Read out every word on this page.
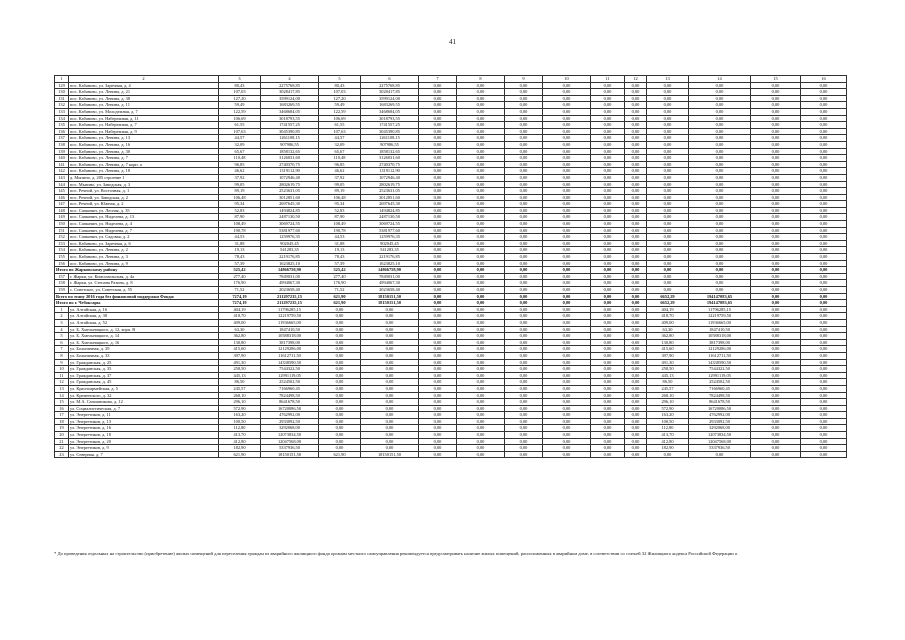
41
1	2	3	4	5	6	7	8	9	10	11	12	13	14	15	16
129	пос. Кабаново, ул. Заречная, д. 4	80,43	2275768,85	80,43	2275768,85	0,00	0,00	0,00	0,00	0,00	0,00	0,00	0,00	0,00	0,00
130	пос. Кабаново, ул. Ленина, д. 21	107,03	3028417,85	107,03	3028417,85	0,00	0,00	0,00	0,00	0,00	0,00	0,00	0,00	0,00	0,00
131	пос. Кабаново, ул. Ленина, д. 38	127,20	3599124,00	127,20	3599124,00	0,00	0,00	0,00	0,00	0,00	0,00	0,00	0,00	0,00	0,00
132	пос. Кабаново, ул. Ленина, д. 11	59,49	1683269,55	59,49	1683269,55	0,00	0,00	0,00	0,00	0,00	0,00	0,00	0,00	0,00	0,00
133	пос. Кабаново, ул. Молодежная, д. 7	122,59	3468684,05	122,59	3468684,05	0,00	0,00	0,00	0,00	0,00	0,00	0,00	0,00	0,00	0,00
134	пос. Кабаново, ул. Набережная, д. 11	106,69	3018793,55	106,69	3018793,55	0,00	0,00	0,00	0,00	0,00	0,00	0,00	0,00	0,00	0,00
135	пос. Кабаново, ул. Набережная, д. 7	61,55	1741557,25	61,55	1741557,25	0,00	0,00	0,00	0,00	0,00	0,00	0,00	0,00	0,00	0,00
136	пос. Кабаново, ул. Набережная, д. 9	107,63	3045390,85	107,63	3045390,85	0,00	0,00	0,00	0,00	0,00	0,00	0,00	0,00	0,00	0,00
137	пос. Кабаново, ул. Ленина, д. 13	44,57	1261108,15	44,57	1261108,15	0,00	0,00	0,00	0,00	0,00	0,00	0,00	0,00	0,00	0,00
138	пос. Кабаново, ул. Ленина, д. 16	32,09	907986,55	32,09	907986,55	0,00	0,00	0,00	0,00	0,00	0,00	0,00	0,00	0,00	0,00
139	пос. Кабаново, ул. Ленина, д. 30	65,67	1858132,65	65,67	1858132,65	0,00	0,00	0,00	0,00	0,00	0,00	0,00	0,00	0,00	0,00
140	пос. Кабаново, ул. Ленина, д. 7	110,48	3126031,60	110,48	3126031,60	0,00	0,00	0,00	0,00	0,00	0,00	0,00	0,00	0,00	0,00
141	пос. Кабаново, ул. Ленина, д. 7 корп. а	96,85	2740370,75	96,85	2740370,75	0,00	0,00	0,00	0,00	0,00	0,00	0,00	0,00	0,00	0,00
142	пос. Кабаново, ул. Ленина, д. 18	46,62	1319112,90	46,62	1319112,90	0,00	0,00	0,00	0,00	0,00	0,00	0,00	0,00	0,00	0,00
143	д. Мызино, д. 205 строение 1	37,92	1072946,40	37,92	1072946,40	0,00	0,00	0,00	0,00	0,00	0,00	0,00	0,00	0,00	0,00
144	пос. Мызино, ул. Заводская, д. 3	99,05	2802619,75	99,05	2802619,75	0,00	0,00	0,00	0,00	0,00	0,00	0,00	0,00	0,00	0,00
145	пос. Речной, ул. Восточная, д. 1	89,19	2523631,05	89,19	2523631,05	0,00	0,00	0,00	0,00	0,00	0,00	0,00	0,00	0,00	0,00
146	пос. Речной, ул. Заводская, д. 2	106,48	3012851,60	106,48	3012851,60	0,00	0,00	0,00	0,00	0,00	0,00	0,00	0,00	0,00	0,00
147	пос. Речной, ул. Южная, д. 2	95,34	2697645,30	95,34	2697645,30	0,00	0,00	0,00	0,00	0,00	0,00	0,00	0,00	0,00	0,00
148	пос. Сапкачин, ул. Лесная, д. 35	52,83	1494824,85	52,83	1494824,85	0,00	0,00	0,00	0,00	0,00	0,00	0,00	0,00	0,00	0,00
149	пос. Сапкачин, ул. Ниделева, д. 13	87,90	2487130,50	87,90	2487130,50	0,00	0,00	0,00	0,00	0,00	0,00	0,00	0,00	0,00	0,00
150	пос. Сапкачин, ул. Ниделева, д. 4	108,49	3069724,55	108,49	3069724,55	0,00	0,00	0,00	0,00	0,00	0,00	0,00	0,00	0,00	0,00
151	пос. Сапкачин, ул. Ниделева, д. 7	190,78	5381977,60	190,78	5381977,60	0,00	0,00	0,00	0,00	0,00	0,00	0,00	0,00	0,00	0,00
152	пос. Сапкачин, ул. Садовая, д. 2	44,53	1259976,35	44,53	1259976,35	0,00	0,00	0,00	0,00	0,00	0,00	0,00	0,00	0,00	0,00
153	пос. Кабаново, ул. Заречная, д. 6	31,88	902045,45	31,88	902045,45	0,00	0,00	0,00	0,00	0,00	0,00	0,00	0,00	0,00	0,00
154	пос. Кабаново, ул. Ленина, д. 2	19,13	541283,35	19,13	541283,35	0,00	0,00	0,00	0,00	0,00	0,00	0,00	0,00	0,00	0,00
155	пос. Кабаново, ул. Ленина, д. 3	78,43	2219176,85	78,43	2219176,85	0,00	0,00	0,00	0,00	0,00	0,00	0,00	0,00	0,00	0,00
156	пос. Кабаново, ул. Ленина, д. 9	57,39	1623825,10	57,39	1623825,10	0,00	0,00	0,00	0,00	0,00	0,00	0,00	0,00	0,00	0,00
Итого по Жарковскому району		525,42	14866758,90	525,42	14866758,90	0,00	0,00	0,00	0,00	0,00	0,00	0,00	0,00	0,00	0,00
157	г. Жарки, ул. Комсомольская, д. 4а	277,40	7849031,00	277,40	7849031,00	0,00	0,00	0,00	0,00	0,00	0,00	0,00	0,00	0,00	0,00
158	г. Жарки, ул. Степана Разина, д. 8	176,90	4994067,30	176,90	4994067,30	0,00	0,00	0,00	0,00	0,00	0,00	0,00	0,00	0,00	0,00
159	с. Советское, ул. Советская, д. 55	71,52	2023658,40	71,52	2023658,40	0,00	0,00	0,00	0,00	0,00	0,00	0,00	0,00	0,00	0,00
Всего по этапу 2016 года без финансовой поддержки Фонда:		7274,19	211297235,15	621,90	18150151,50	0,00	0,00	0,00	0,00	0,00	0,00	6652,29	194147083,65	0,00	0,00
Итого по г. Чебоксары		7274,19	211297235,15	621,90	18150151,50	0,00	0,00	0,00	0,00	0,00	0,00	6652,29	194147083,65	0,00	0,00
1	ул. Алтайская, д. 16	404,19	11796285,15	0,00	0,00	0,00	0,00	0,00	0,00	0,00	0,00	404,19	11796285,15	0,00	0,00
2	ул. Алтайская, д. 38	418,70	12219759,50	0,00	0,00	0,00	0,00	0,00	0,00	0,00	0,00	418,70	12219759,50	0,00	0,00
3	ул. Алтайская, д. 52	409,00	11936665,00	0,00	0,00	0,00	0,00	0,00	0,00	0,00	0,00	409,00	11936665,00	0,00	0,00
4	ул. Б. Хмельницкого, д. 12, корп. В	63,30	1847410,50	0,00	0,00	0,00	0,00	0,00	0,00	0,00	0,00	63,30	1847410,50	0,00	0,00
5	ул. Б. Хмельницкого, д. 14	362,80	10588318,00	0,00	0,00	0,00	0,00	0,00	0,00	0,00	0,00	362,80	10588318,00	0,00	0,00
6	ул. Б. Хмельницкого, д. 16	130,80	3817398,00	0,00	0,00	0,00	0,00	0,00	0,00	0,00	0,00	130,80	3817398,00	0,00	0,00
7	ул. Больничная, д. 29	415,60	12129286,00	0,00	0,00	0,00	0,00	0,00	0,00	0,00	0,00	415,60	12129286,00	0,00	0,00
8	ул. Больничная, д. 33	397,90	11612711,50	0,00	0,00	0,00	0,00	0,00	0,00	0,00	0,00	397,90	11612711,50	0,00	0,00
9	ул. Гражданская, д. 25	491,30	14338590,50	0,00	0,00	0,00	0,00	0,00	0,00	0,00	0,00	491,30	14338590,50	0,00	0,00
10	ул. Гражданская, д. 35	258,50	7544322,50	0,00	0,00	0,00	0,00	0,00	0,00	0,00	0,00	258,50	7544322,50	0,00	0,00
11	ул. Гражданская, д. 37	445,13	12991119,05	0,00	0,00	0,00	0,00	0,00	0,00	0,00	0,00	445,13	12991119,05	0,00	0,00
12	ул. Гражданская, д. 45	86,50	2524502,50	0,00	0,00	0,00	0,00	0,00	0,00	0,00	0,00	86,50	2524502,50	0,00	0,00
13	ул. Красноармейская, д. 5	245,57	7166960,45	0,00	0,00	0,00	0,00	0,00	0,00	0,00	0,00	245,57	7166960,45	0,00	0,00
14	ул. Кременского, д. 32	268,10	7824498,50	0,00	0,00	0,00	0,00	0,00	0,00	0,00	0,00	268,10	7824498,50	0,00	0,00
15	ул. М.А. Сапожникова, д. 12	296,10	8641678,50	0,00	0,00	0,00	0,00	0,00	0,00	0,00	0,00	296,10	8641678,50	0,00	0,00
16	ул. Социалистическая, д. 7	572,90	16720086,50	0,00	0,00	0,00	0,00	0,00	0,00	0,00	0,00	572,90	16720086,50	0,00	0,00
17	ул. Энергетиков, д. 11	163,20	4762992,00	0,00	0,00	0,00	0,00	0,00	0,00	0,00	0,00	163,20	4762992,00	0,00	0,00
18	ул. Энергетиков, д. 13	100,50	2933092,50	0,00	0,00	0,00	0,00	0,00	0,00	0,00	0,00	100,50	2933092,50	0,00	0,00
19	ул. Энергетиков, д. 16	112,80	3292068,00	0,00	0,00	0,00	0,00	0,00	0,00	0,00	0,00	112,80	3292068,00	0,00	0,00
20	ул. Энергетиков, д. 18	413,70	12073834,50	0,00	0,00	0,00	0,00	0,00	0,00	0,00	0,00	413,70	12073834,50	0,00	0,00
21	ул. Энергетиков, д. 20	412,80	12047568,00	0,00	0,00	0,00	0,00	0,00	0,00	0,00	0,00	412,80	12047568,00	0,00	0,00
22	ул. Энергетиков, д. 9	182,90	5337936,50	0,00	0,00	0,00	0,00	0,00	0,00	0,00	0,00	182,90	5337936,50	0,00	0,00
23	ул. Северная, д. 7	621,90	18150151,50	621,90	18150151,50	0,00	0,00	0,00	0,00	0,00	0,00	0,00	0,00	0,00	0,00
* До проведения отдельных на строительство (приобретение) жилых помещений для переселения граждан из аварийного жилищного фонда органам местного самоуправления рекомендуется предусматривать наличие жилых помещений, расположенных в аварийном доме, в соответствии со статьей 32 Жилищного кодекса Российской Федерации о.
